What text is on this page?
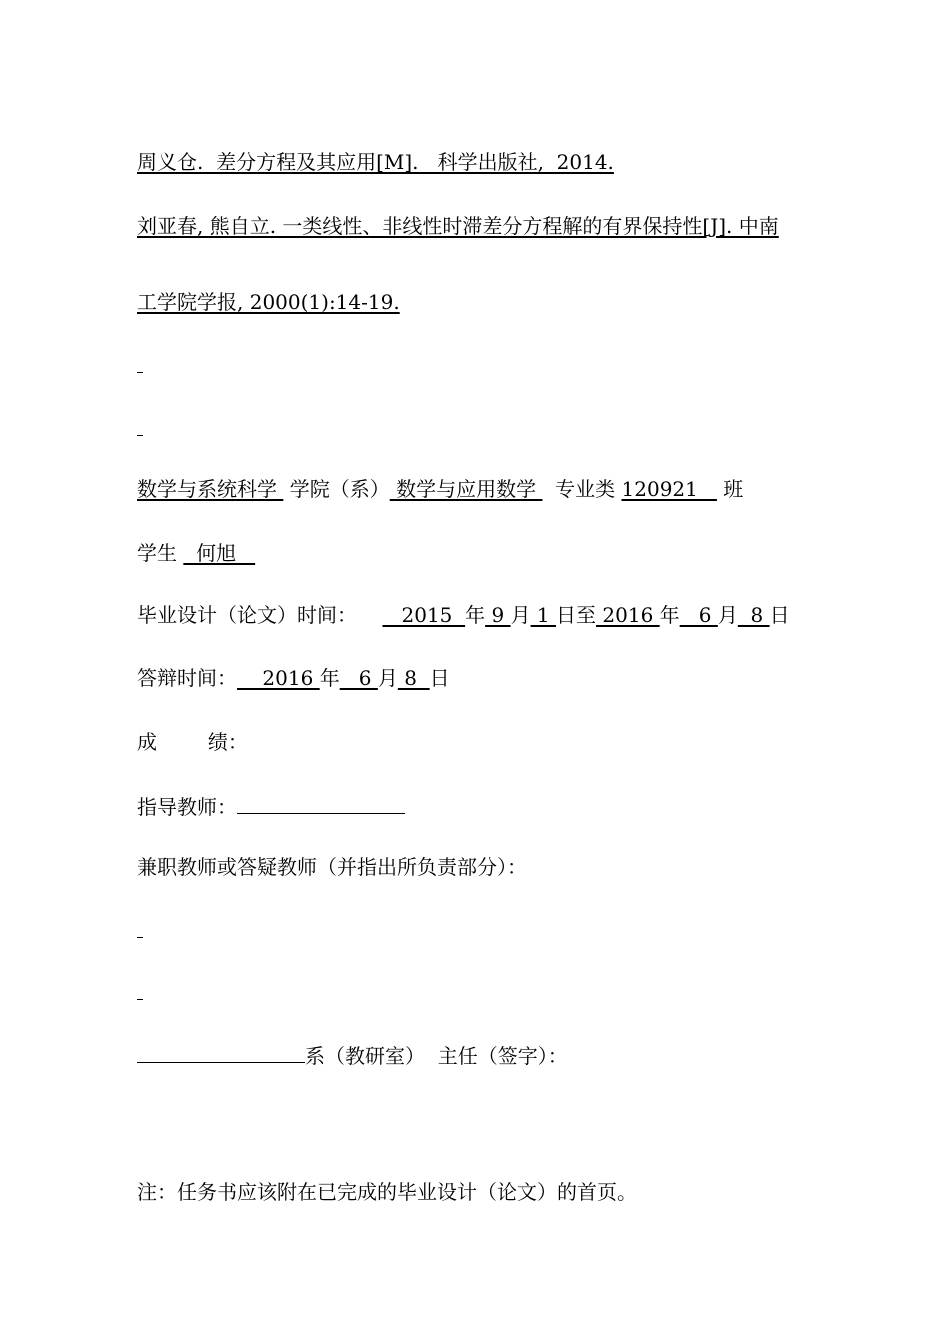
周义仓.  差分方程及其应用[M].   科学出版社,  2014.
刘亚春, 熊自立. 一类线性、非线性时滞差分方程解的有界保持性[J]. 中南
工学院学报, 2000(1):14-19.
数学与系统科学  学院（系） 数学与应用数学   专业类 120921    班
学生   何旭
毕业设计（论文）时间：       2015  年 9 月 1 日至 2016 年   6 月  8 日
答辩时间：    2016 年   6 月 8  日
成        绩：
指导教师：
兼职教师或答疑教师（并指出所负责部分）：
系（教研室）  主任（签字）：
注：任务书应该附在已完成的毕业设计（论文）的首页。
